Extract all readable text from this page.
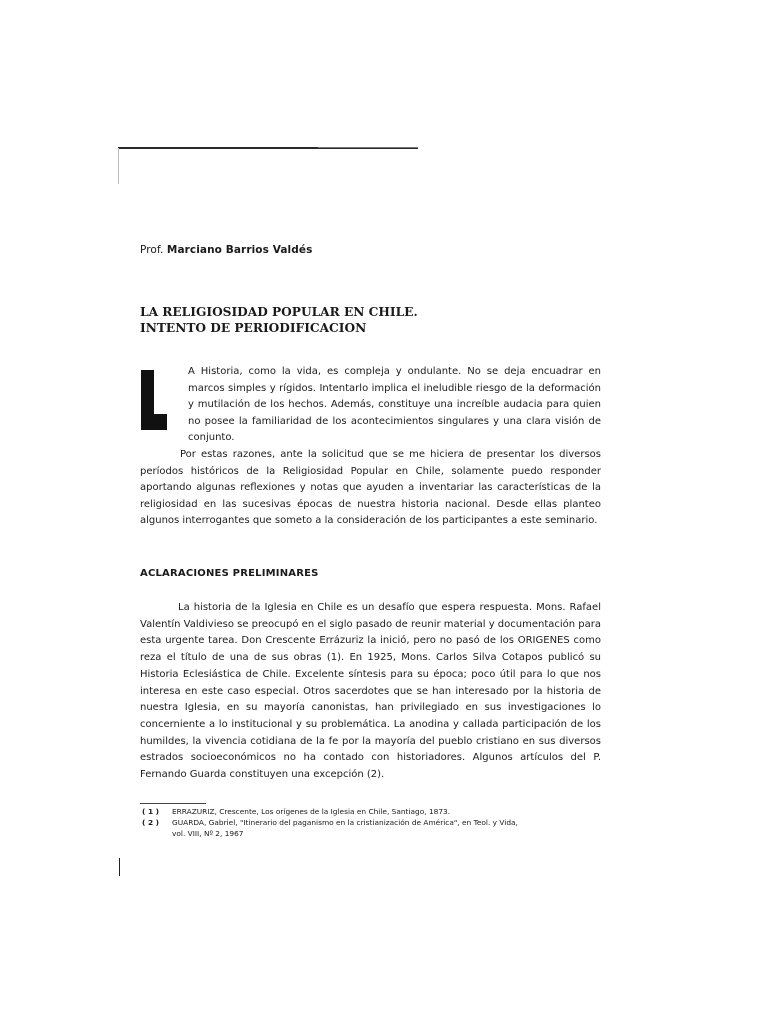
Prof. Marciano Barrios Valdés
LA RELIGIOSIDAD POPULAR EN CHILE.
INTENTO DE PERIODIFICACION

A Historia, como la vida, es compleja y ondulante. No se deja encuadrar en marcos simples y rígidos. Intentarlo implica el ineludible riesgo de la deformación y mutilación de los hechos. Además, constituye una increíble audacia para quien no posee la familiaridad de los acontecimientos singulares y una clara visión de conjunto.

Por estas razones, ante la solicitud que se me hiciera de presentar los diversos períodos históricos de la Religiosidad Popular en Chile, solamente puedo responder aportando algunas reflexiones y notas que ayuden a inventariar las características de la religiosidad en las sucesivas épocas de nuestra historia nacional. Desde ellas planteo algunos interrogantes que someto a la consideración de los participantes a este seminario.

ACLARACIONES PRELIMINARES

La historia de la Iglesia en Chile es un desafío que espera respuesta. Mons. Rafael Valentín Valdivieso se preocupó en el siglo pasado de reunir material y documentación para esta urgente tarea. Don Crescente Errázuriz la inició, pero no pasó de los ORIGENES como reza el título de una de sus obras (1). En 1925, Mons. Carlos Silva Cotapos publicó su Historia Eclesiástica de Chile. Excelente síntesis para su época; poco útil para lo que nos interesa en este caso especial. Otros sacerdotes que se han interesado por la historia de nuestra Iglesia, en su mayoría canonistas, han privilegiado en sus investigaciones lo concerniente a lo institucional y su problemática. La anodina y callada participación de los humildes, la vivencia cotidiana de la fe por la mayoría del pueblo cristiano en sus diversos estrados socioeconómicos no ha contado con historiadores. Algunos artículos del P. Fernando Guarda constituyen una excepción (2).

( 1 )	ERRAZURIZ, Crescente, Los orígenes de la Iglesia en Chile, Santiago, 1873.
( 2 )	GUARDA, Gabriel, "Itinerario del paganismo en la cristianización de América", en Teol. y Vida,
vol. VIII, Nº 2, 1967
